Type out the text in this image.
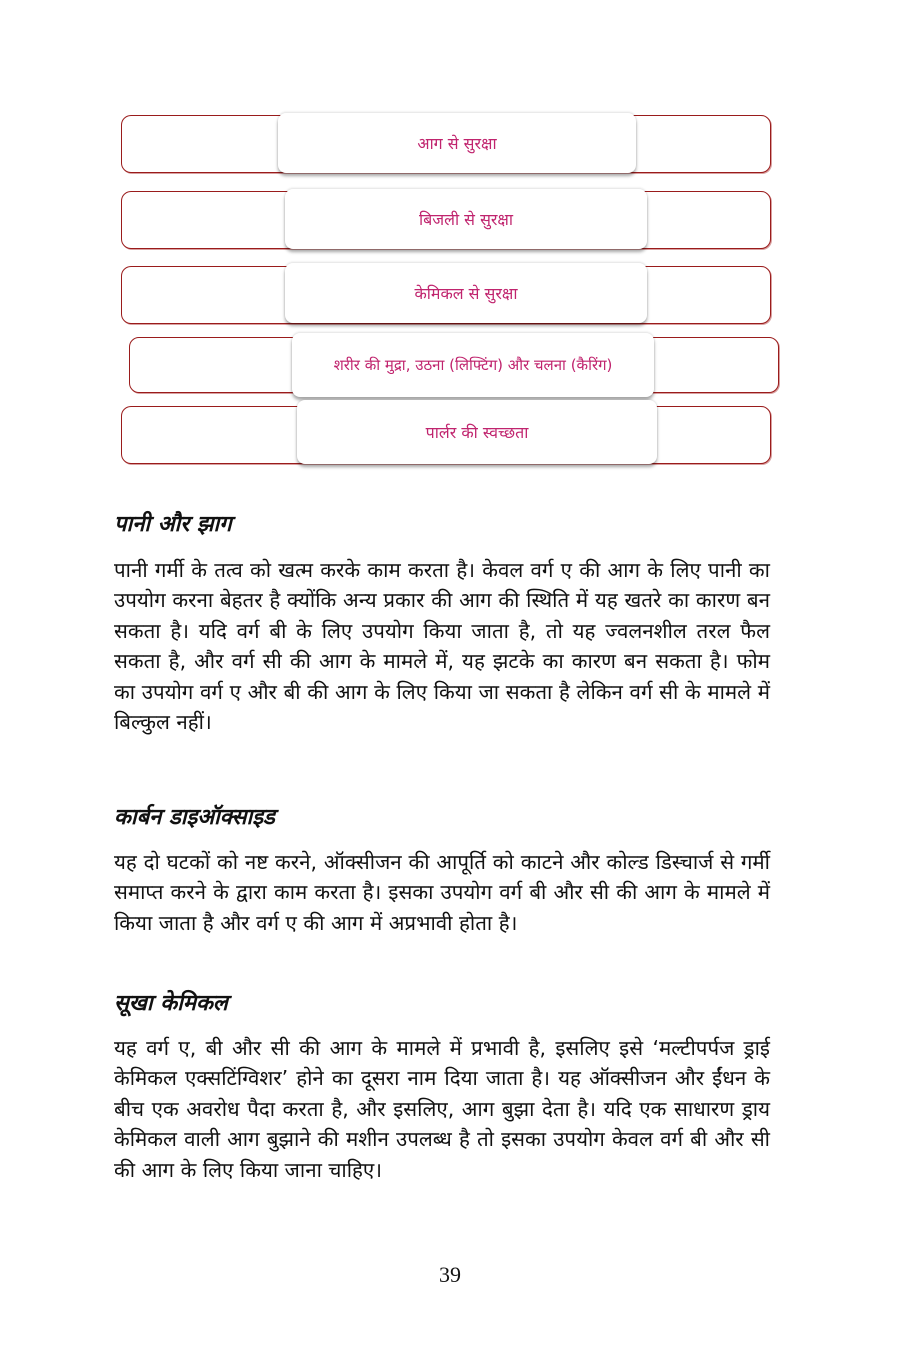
आग से सुरक्षा
बिजली से सुरक्षा
केमिकल से सुरक्षा
शरीर की मुद्रा, उठना (लिफ्टिंग) और चलना (कैरिंग)
पार्लर की स्वच्छता
पानी और झाग

पानी गर्मी के तत्व को खत्म करके काम करता है। केवल वर्ग ए की आग के लिए पानी का उपयोग करना बेहतर है क्योंकि अन्य प्रकार की आग की स्थिति में यह खतरे का कारण बन सकता है। यदि वर्ग बी के लिए उपयोग किया जाता है, तो यह ज्वलनशील तरल फैल सकता है, और वर्ग सी की आग के मामले में, यह झटके का कारण बन सकता है। फोम का उपयोग वर्ग ए और बी की आग के लिए किया जा सकता है लेकिन वर्ग सी के मामले में बिल्कुल नहीं।

कार्बन डाइऑक्साइड

यह दो घटकों को नष्ट करने, ऑक्सीजन की आपूर्ति को काटने और कोल्ड डिस्चार्ज से गर्मी समाप्त करने के द्वारा काम करता है। इसका उपयोग वर्ग बी और सी की आग के मामले में किया जाता है और वर्ग ए की आग में अप्रभावी होता है।

सूखा केमिकल

यह वर्ग ए, बी और सी की आग के मामले में प्रभावी है, इसलिए इसे ‘मल्टीपर्पज ड्राई केमिकल एक्सटिंग्विशर’ होने का दूसरा नाम दिया जाता है। यह ऑक्सीजन और ईंधन के बीच एक अवरोध पैदा करता है, और इसलिए, आग बुझा देता है। यदि एक साधारण ड्राय केमिकल वाली आग बुझाने की मशीन उपलब्ध है तो इसका उपयोग केवल वर्ग बी और सी की आग के लिए किया जाना चाहिए।

39
